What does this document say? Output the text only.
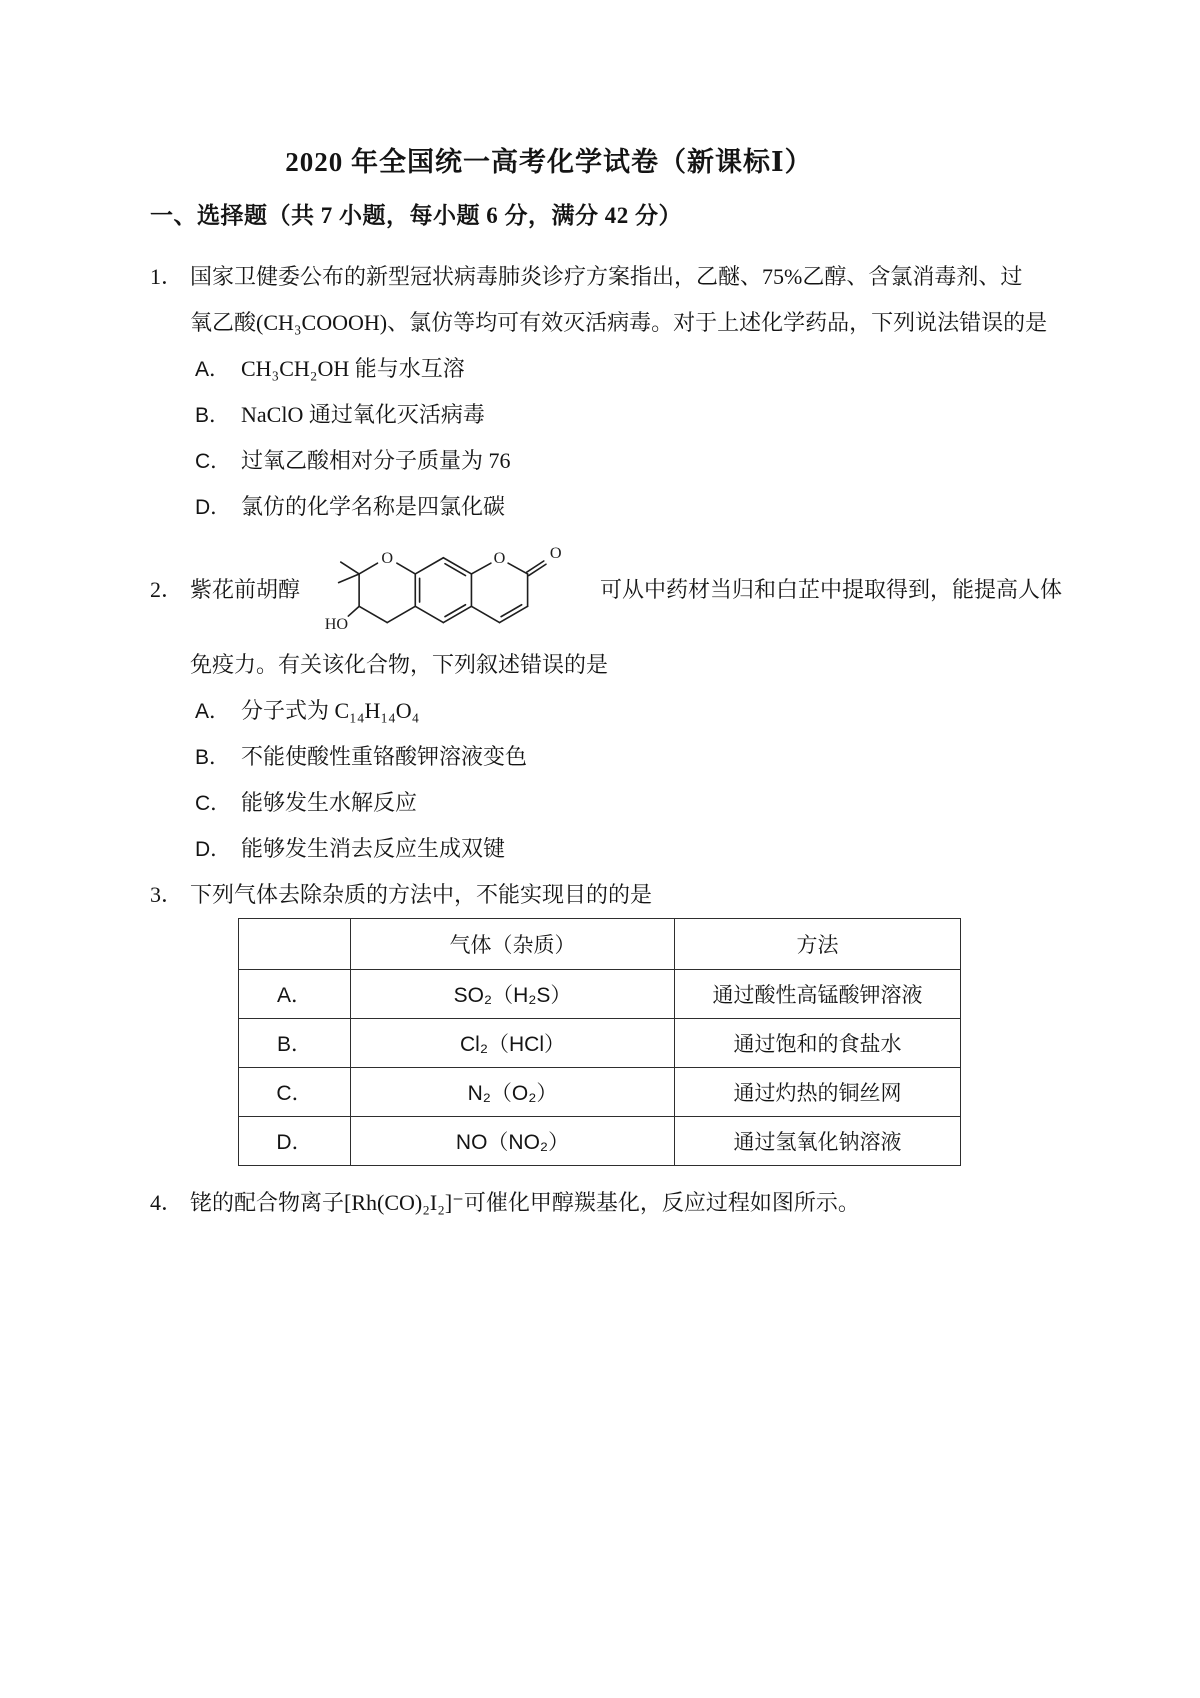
2020 年全国统一高考化学试卷（新课标Ⅰ）
一、选择题（共 7 小题，每小题 6 分，满分 42 分）
1． 国家卫健委公布的新型冠状病毒肺炎诊疗方案指出，乙醚、75%乙醇、含氯消毒剂、过
氧乙酸(CH₃COOOH)、氯仿等均可有效灭活病毒。对于上述化学药品，下列说法错误的是
A． CH₃CH₂OH 能与水互溶
B． NaClO 通过氧化灭活病毒
C． 过氧乙酸相对分子质量为 76
D． 氯仿的化学名称是四氯化碳
2． 紫花前胡醇
O	O	O
HO
可从中药材当归和白芷中提取得到，能提高人体
免疫力。有关该化合物，下列叙述错误的是
A． 分子式为 C₁₄H₁₄O₄
B． 不能使酸性重铬酸钾溶液变色
C． 能够发生水解反应
D． 能够发生消去反应生成双键
3． 下列气体去除杂质的方法中，不能实现目的的是
	气体（杂质）	方法
A．	SO₂（H₂S）	通过酸性高锰酸钾溶液
B．	Cl₂（HCl）	通过饱和的食盐水
C．	N₂（O₂）	通过灼热的铜丝网
D．	NO（NO₂）	通过氢氧化钠溶液
4． 铑的配合物离子[Rh(CO)₂I₂]⁻可催化甲醇羰基化，反应过程如图所示。
